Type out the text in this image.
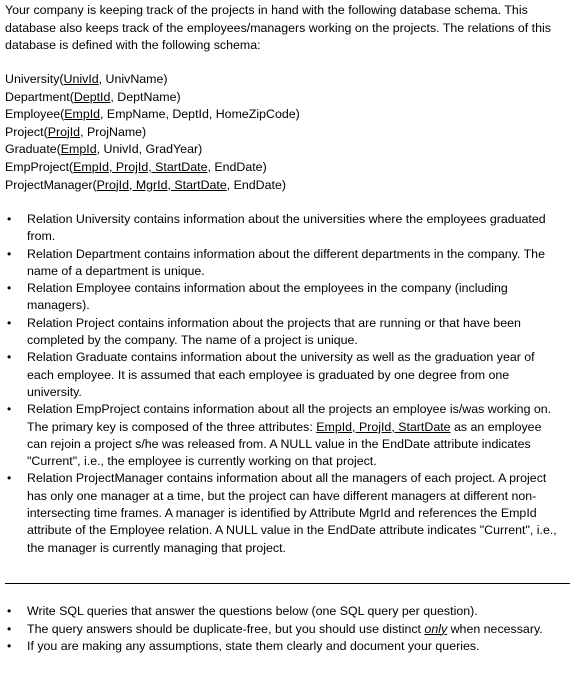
Your company is keeping track of the projects in hand with the following database schema. This database also keeps track of the employees/managers working on the projects. The relations of this database is defined with the following schema:

University(UnivId, UnivName)
Department(DeptId, DeptName)
Employee(EmpId, EmpName, DeptId, HomeZipCode)
Project(ProjId, ProjName)
Graduate(EmpId, UnivId, GradYear)
EmpProject(EmpId, ProjId, StartDate, EndDate)
ProjectManager(ProjId, MgrId, StartDate, EndDate)
• Relation University contains information about the universities where the employees graduated from.
• Relation Department contains information about the different departments in the company. The name of a department is unique.
• Relation Employee contains information about the employees in the company (including managers).
• Relation Project contains information about the projects that are running or that have been completed by the company. The name of a project is unique.
• Relation Graduate contains information about the university as well as the graduation year of each employee. It is assumed that each employee is graduated by one degree from one university.
• Relation EmpProject contains information about all the projects an employee is/was working on. The primary key is composed of the three attributes: EmpId, ProjId, StartDate as an employee can rejoin a project s/he was released from. A NULL value in the EndDate attribute indicates "Current", i.e., the employee is currently working on that project.
• Relation ProjectManager contains information about all the managers of each project. A project has only one manager at a time, but the project can have different managers at different non-intersecting time frames. A manager is identified by Attribute MgrId and references the EmpId attribute of the Employee relation. A NULL value in the EndDate attribute indicates "Current", i.e., the manager is currently managing that project.
• Write SQL queries that answer the questions below (one SQL query per question).
• The query answers should be duplicate-free, but you should use distinct only when necessary.
• If you are making any assumptions, state them clearly and document your queries.
